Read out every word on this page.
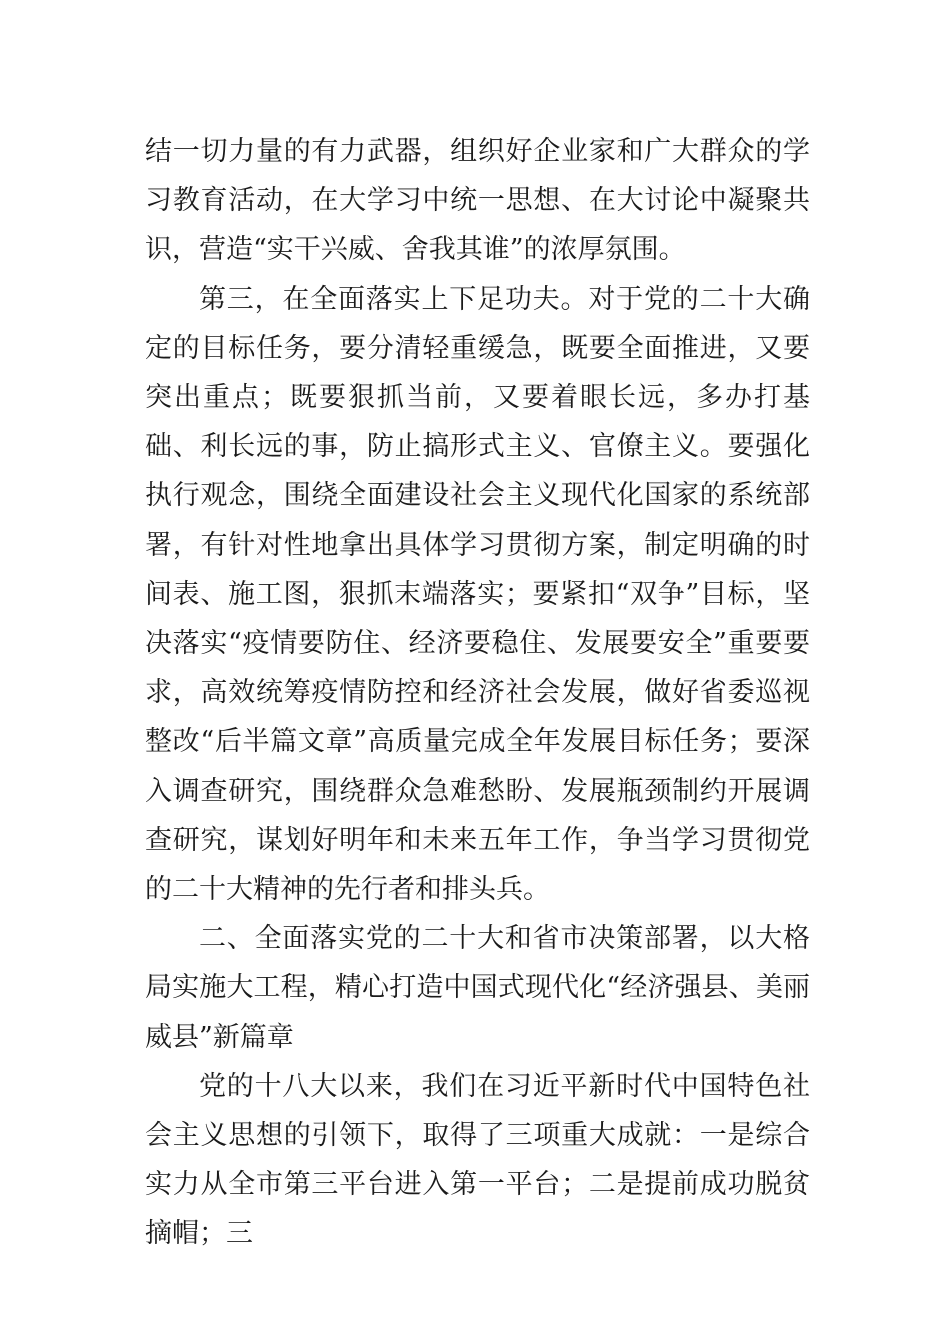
结一切力量的有力武器，组织好企业家和广大群众的学习教育活动，在大学习中统一思想、在大讨论中凝聚共识，营造“实干兴威、舍我其谁”的浓厚氛围。

第三，在全面落实上下足功夫。对于党的二十大确定的目标任务，要分清轻重缓急，既要全面推进，又要突出重点；既要狠抓当前，又要着眼长远，多办打基础、利长远的事，防止搞形式主义、官僚主义。要强化执行观念，围绕全面建设社会主义现代化国家的系统部署，有针对性地拿出具体学习贯彻方案，制定明确的时间表、施工图，狠抓末端落实；要紧扣“双争”目标，坚决落实“疫情要防住、经济要稳住、发展要安全”重要要求，高效统筹疫情防控和经济社会发展，做好省委巡视整改“后半篇文章”高质量完成全年发展目标任务；要深入调查研究，围绕群众急难愁盼、发展瓶颈制约开展调查研究，谋划好明年和未来五年工作，争当学习贯彻党的二十大精神的先行者和排头兵。

二、全面落实党的二十大和省市决策部署，以大格局实施大工程，精心打造中国式现代化“经济强县、美丽威县”新篇章

党的十八大以来，我们在习近平新时代中国特色社会主义思想的引领下，取得了三项重大成就：一是综合实力从全市第三平台进入第一平台；二是提前成功脱贫摘帽；三
